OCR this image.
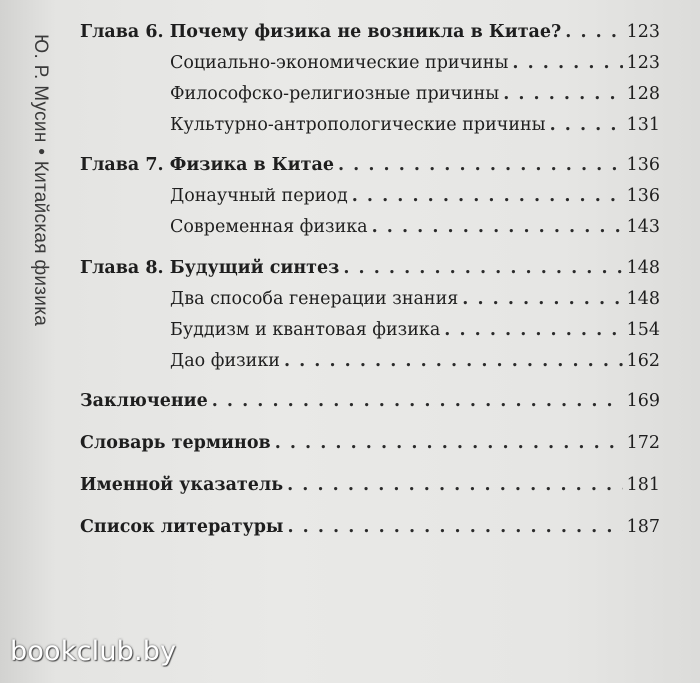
Ю. Р. Мусин • Китайская физика
Глава 6. Почему физика не возникла в Китае? . . .	123
Социально-экономические причины . . .	123
Философско-религиозные причины . . .	128
Культурно-антропологические причины . . .	131
Глава 7. Физика в Китае . . .	136
Донаучный период . . .	136
Современная физика . . .	143
Глава 8. Будущий синтез . . .	148
Два способа генерации знания . . .	148
Буддизм и квантовая физика . . .	154
Дао физики . . .	162
Заключение . . .	169
Словарь терминов . . .	172
Именной указатель . . .	181
Список литературы . . .	187
bookclub.by
